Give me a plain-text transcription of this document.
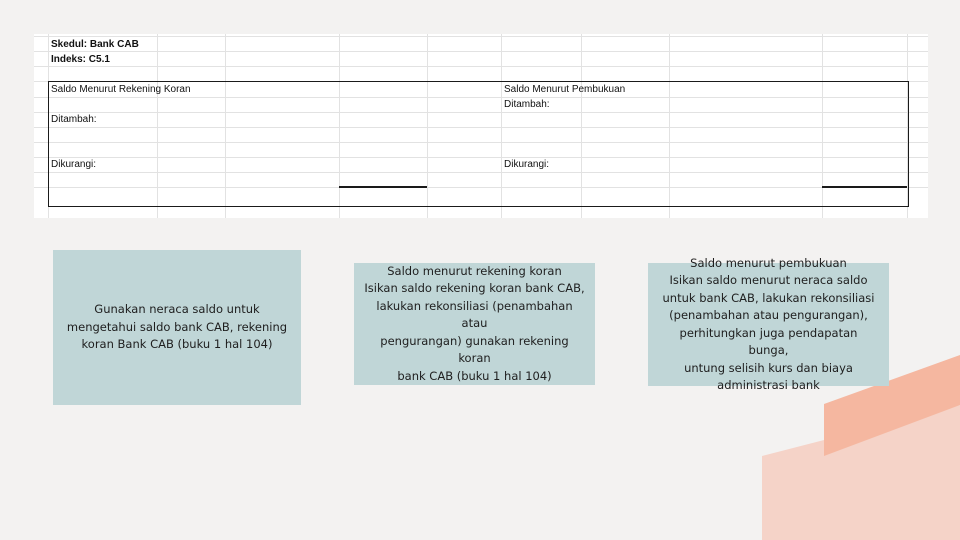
Skedul: Bank CAB
Indeks: C5.1
Saldo Menurut Rekening Koran	Saldo Menurut Pembukuan
Ditambah:
Ditambah:
Dikurangi:	Dikurangi:

Gunakan neraca saldo untuk
mengetahui saldo bank CAB, rekening
koran Bank CAB (buku 1 hal 104)

Saldo menurut rekening koran
Isikan saldo rekening koran bank CAB,
lakukan rekonsiliasi (penambahan atau
pengurangan) gunakan rekening koran
bank CAB (buku 1 hal 104)

Saldo menurut pembukuan
Isikan saldo menurut neraca saldo
untuk bank CAB, lakukan rekonsiliasi
(penambahan atau pengurangan),
perhitungkan juga pendapatan bunga,
untung selisih kurs dan biaya
administrasi bank
